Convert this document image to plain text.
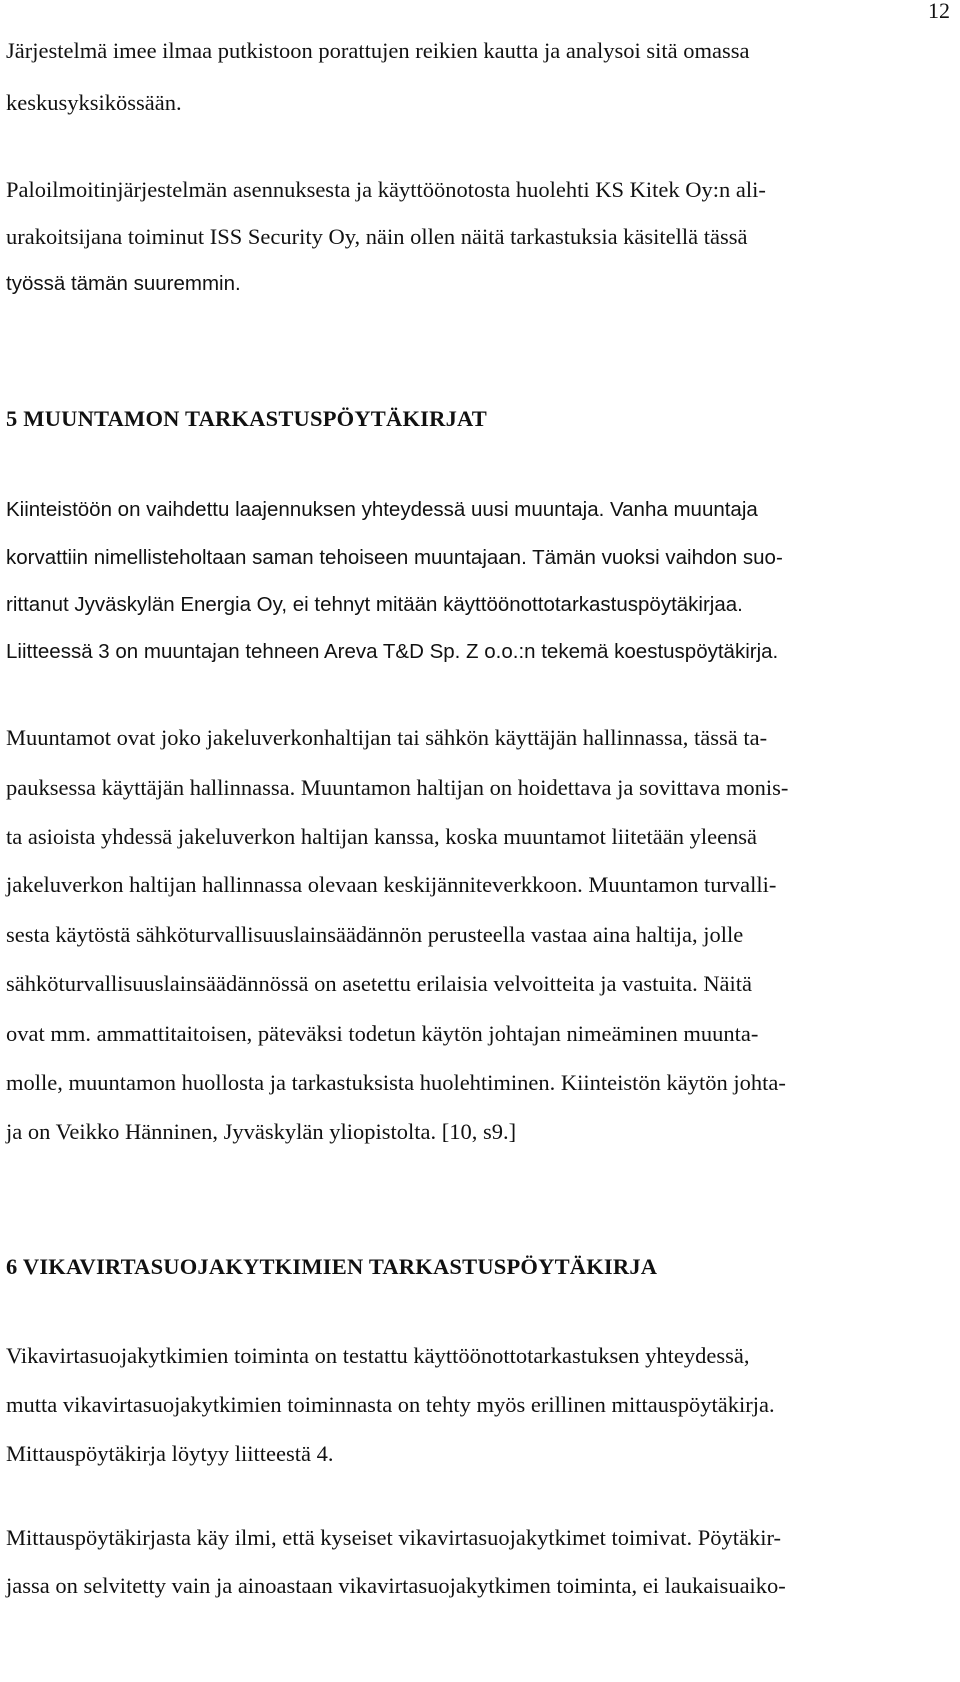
12
Järjestelmä imee ilmaa putkistoon porattujen reikien kautta ja analysoi sitä omassa
keskusyksikössään.
Paloilmoitinjärjestelmän asennuksesta ja käyttöönotosta huolehti KS Kitek Oy:n ali-
urakoitsijana toiminut ISS Security Oy, näin ollen näitä tarkastuksia käsitellä tässä
työssä tämän suuremmin.
5 MUUNTAMON TARKASTUSPÖYTÄKIRJAT
Kiinteistöön on vaihdettu laajennuksen yhteydessä uusi muuntaja. Vanha muuntaja
korvattiin nimellisteholtaan saman tehoiseen muuntajaan. Tämän vuoksi vaihdon suo-
rittanut Jyväskylän Energia Oy, ei tehnyt mitään käyttöönottotarkastuspöytäkirjaa.
Liitteessä 3 on muuntajan tehneen Areva T&D Sp. Z o.o.:n tekemä koestuspöytäkirja.
Muuntamot ovat joko jakeluverkonhaltijan tai sähkön käyttäjän hallinnassa, tässä ta-
pauksessa käyttäjän hallinnassa. Muuntamon haltijan on hoidettava ja sovittava monis-
ta asioista yhdessä jakeluverkon haltijan kanssa, koska muuntamot liitetään yleensä
jakeluverkon haltijan hallinnassa olevaan keskijänniteverkkoon. Muuntamon turvalli-
sesta käytöstä sähköturvallisuuslainsäädännön perusteella vastaa aina haltija, jolle
sähköturvallisuuslainsäädännössä on asetettu erilaisia velvoitteita ja vastuita. Näitä
ovat mm. ammattitaitoisen, päteväksi todetun käytön johtajan nimeäminen muunta-
molle, muuntamon huollosta ja tarkastuksista huolehtiminen. Kiinteistön käytön johta-
ja on Veikko Hänninen, Jyväskylän yliopistolta. [10, s9.]
6 VIKAVIRTASUOJAKYTKIMIEN TARKASTUSPÖYTÄKIRJA
Vikavirtasuojakytkimien toiminta on testattu käyttöönottotarkastuksen yhteydessä,
mutta vikavirtasuojakytkimien toiminnasta on tehty myös erillinen mittauspöytäkirja.
Mittauspöytäkirja löytyy liitteestä 4.
Mittauspöytäkirjasta käy ilmi, että kyseiset vikavirtasuojakytkimet toimivat. Pöytäkir-
jassa on selvitetty vain ja ainoastaan vikavirtasuojakytkimen toiminta, ei laukaisuaiko-
